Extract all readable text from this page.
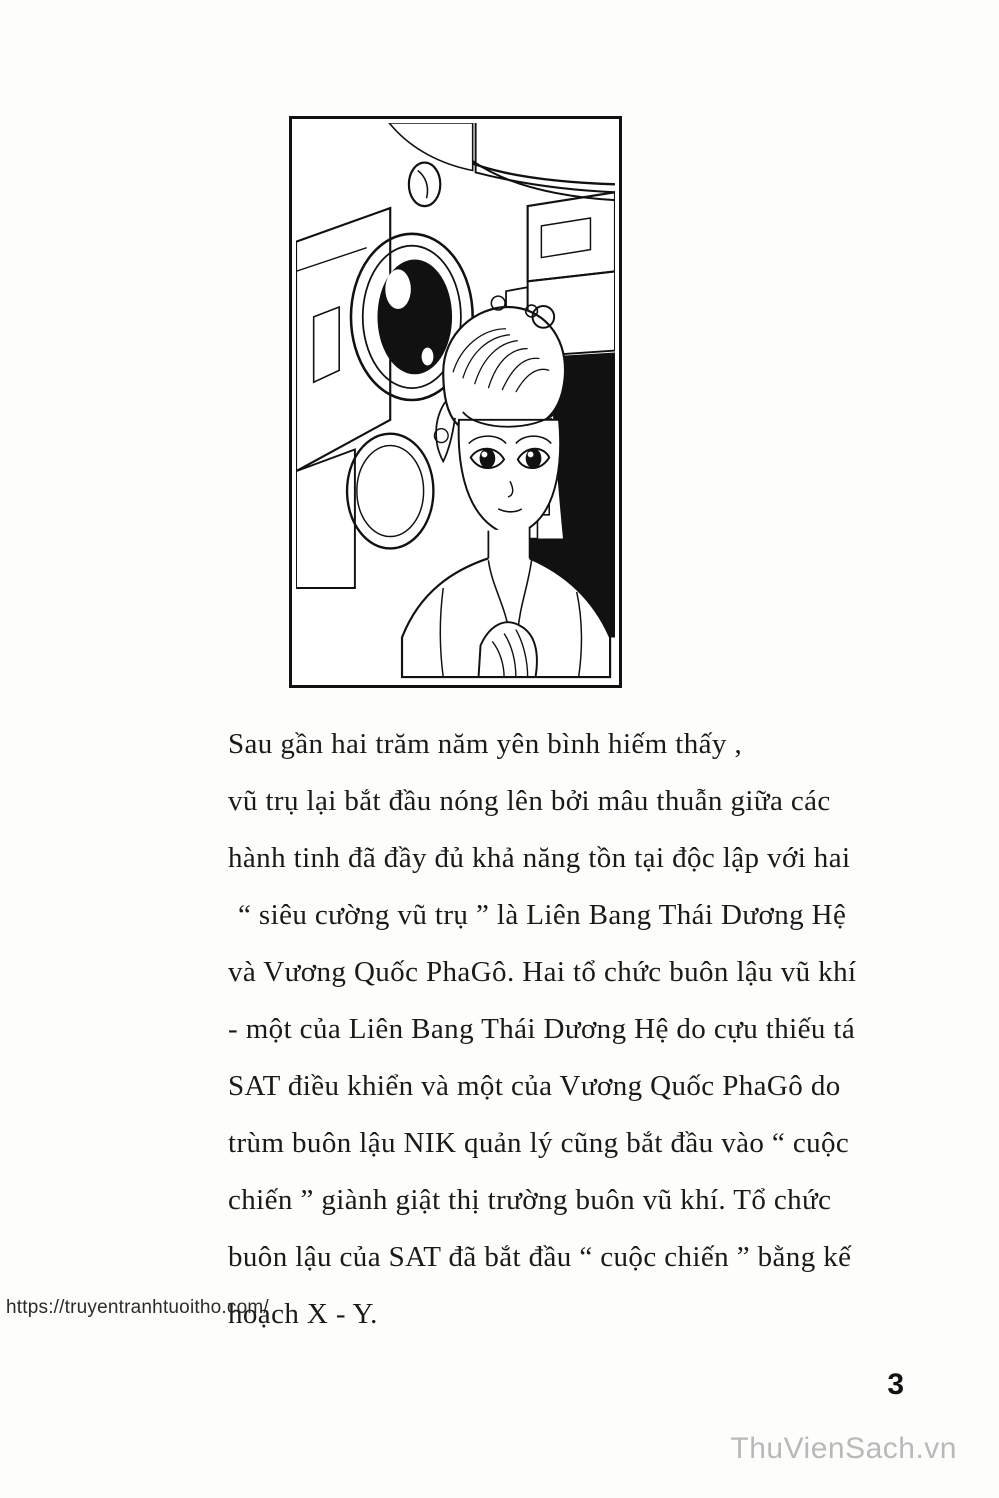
Sau gần hai trăm năm yên bình hiếm thấy ,
vũ trụ lại bắt đầu nóng lên bởi mâu thuẫn giữa các
hành tinh đã đầy đủ khả năng tồn tại độc lập với hai
“ siêu cường vũ trụ ” là Liên Bang Thái Dương Hệ
và Vương Quốc PhaGô. Hai tổ chức buôn lậu vũ khí
- một của Liên Bang Thái Dương Hệ do cựu thiếu tá
SAT điều khiển và một của Vương Quốc PhaGô do
trùm buôn lậu NIK quản lý cũng bắt đầu vào “ cuộc
chiến ” giành giật thị trường buôn vũ khí. Tổ chức
buôn lậu của SAT đã bắt đầu “ cuộc chiến ” bằng kế
hoạch X - Y.

3
https://truyentranhtuoitho.com/
ThuVienSach.vn
